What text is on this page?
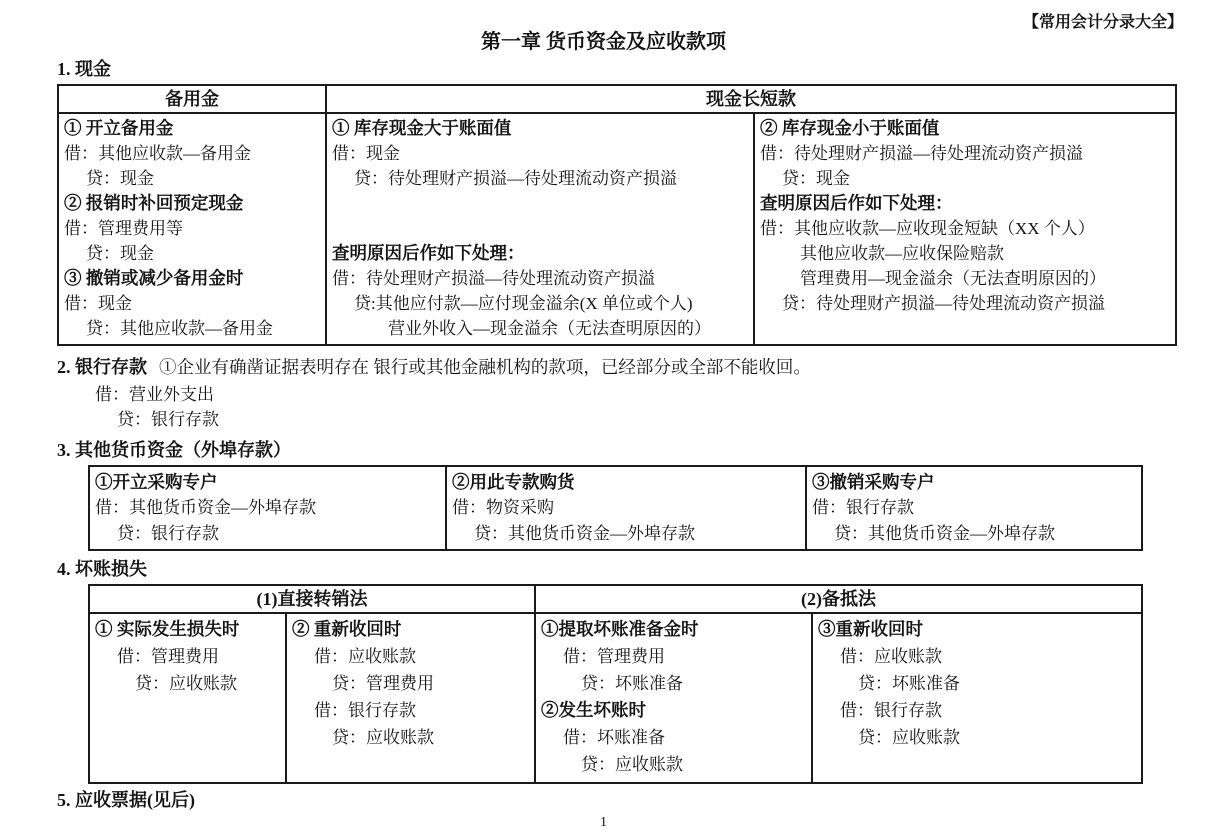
【常用会计分录大全】
第一章 货币资金及应收款项
1. 现金
备用金	现金长短款	

① 开立备用金
借：其他应收款—备用金
贷：现金
② 报销时补回预定现金
借：管理费用等
贷：现金
③ 撤销或减少备用金时
借：现金
贷：其他应收款—备用金

① 库存现金大于账面值
借：现金
贷：待处理财产损溢—待处理流动资产损溢
查明原因后作如下处理：
借：待处理财产损溢—待处理流动资产损溢
贷:其他应付款—应付现金溢余(X 单位或个人)
营业外收入—现金溢余（无法查明原因的）

② 库存现金小于账面值
借：待处理财产损溢—待处理流动资产损溢
贷：现金
查明原因后作如下处理：
借：其他应收款—应收现金短缺（XX 个人）
其他应收款—应收保险赔款
管理费用—现金溢余（无法查明原因的）
贷：待处理财产损溢—待处理流动资产损溢
2. 银行存款 ①企业有确凿证据表明存在 银行或其他金融机构的款项，已经部分或全部不能收回。
借：营业外支出
贷：银行存款
3. 其他货币资金（外埠存款）
①开立采购专户
借：其他货币资金—外埠存款
贷：银行存款

②用此专款购货
借：物资采购
贷：其他货币资金—外埠存款

③撤销采购专户
借：银行存款
贷：其他货币资金—外埠存款
4. 坏账损失
(1)直接转销法		(2)备抵法	

① 实际发生损失时
借：管理费用
贷：应收账款

② 重新收回时
借：应收账款
贷：管理费用
借：银行存款
贷：应收账款

①提取坏账准备金时
借：管理费用
贷：坏账准备
②发生坏账时
借：坏账准备
贷：应收账款

③重新收回时
借：应收账款
贷：坏账准备
借：银行存款
贷：应收账款
5. 应收票据(见后)
1
